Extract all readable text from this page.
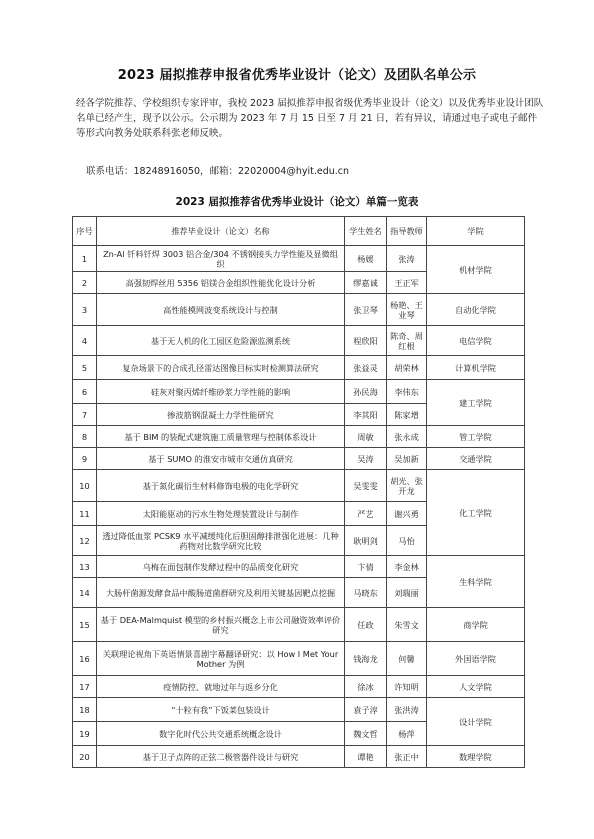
2023 届拟推荐申报省优秀毕业设计（论文）及团队名单公示
经各学院推荐、学校组织专家评审，我校 2023 届拟推荐申报省级优秀毕业设计（论文）以及优秀毕业设计团队名单已经产生，现予以公示。公示期为 2023 年 7 月 15 日至 7 月 21 日，若有异议，请通过电子或电子邮件等形式向教务处联系科张老师反映。
联系电话：18248916050，邮箱：22020004@hyit.edu.cn
2023 届拟推荐省优秀毕业设计（论文）单篇一览表
序号	推荐毕业设计（论文）名称	学生姓名	指导教师	学院
1	Zn-Al 钎料钎焊 3003 铝合金/304 不锈钢接头力学性能及显微组织	杨媛	张涛	机材学院
2	高强韧焊丝用 5356 铝镁合金组织性能优化设计分析	缪嘉诚	王正军	
3	高性能模网波变系统设计与控制	张卫琴	杨艳、王业琴	自动化学院
4	基于无人机的化工园区危险源监测系统	程欣阳	陈奇、周红根	电信学院
5	复杂场景下的合成孔径雷达图像目标实时检测算法研究	张益灵	胡荣林	计算机学院
6	硅灰对聚丙烯纤维砂浆力学性能的影响	孙民海	李伟东	建工学院
7	掺波筋钢混凝土力学性能研究	李其阳	陈家增	
8	基于 BIM 的装配式建筑施工质量管理与控制体系设计	周敏	张永成	管工学院
9	基于 SUMO 的淮安市城市交通仿真研究	吴涛	吴加新	交通学院
10	基于氮化碳衍生材料修饰电极的电化学研究	吴雯雯	胡光、张开龙	化工学院
11	太阳能驱动的污水生物处理装置设计与制作	严艺	谢兴勇	
12	透过降低血浆 PCSK9 水平减缓纯化后胆固醇排泄强化进展：几种药物对比数学研究比较	耿明剑	马怡	
13	乌梅在面包制作发酵过程中的品质变化研究	卞倩	李金林	生科学院
14	大肠杆菌源发酵食品中酸肠道菌群研究及利用关键基因靶点挖掘	马晓东	刘瑞丽	
15	基于 DEA-Malmquist 模型的乡村振兴概念上市公司融资效率评价研究	任政	朱雪文	商学院
16	关联理论视角下英语情景喜剧字幕翻译研究：以 How I Met Your Mother 为例	钱海龙	何馨	外国语学院
17	疫情防控、就地过年与返乡分化	徐冰	许知明	人文学院
18	“十粒有我”下饭菜包装设计	袁子淳	张洪涛	设计学院
19	数字化时代公共交通系统概念设计	魏文哲	杨萍	
20	基于卫子点阵的正弦二极管器件设计与研究	谭艳	张正中	数理学院
